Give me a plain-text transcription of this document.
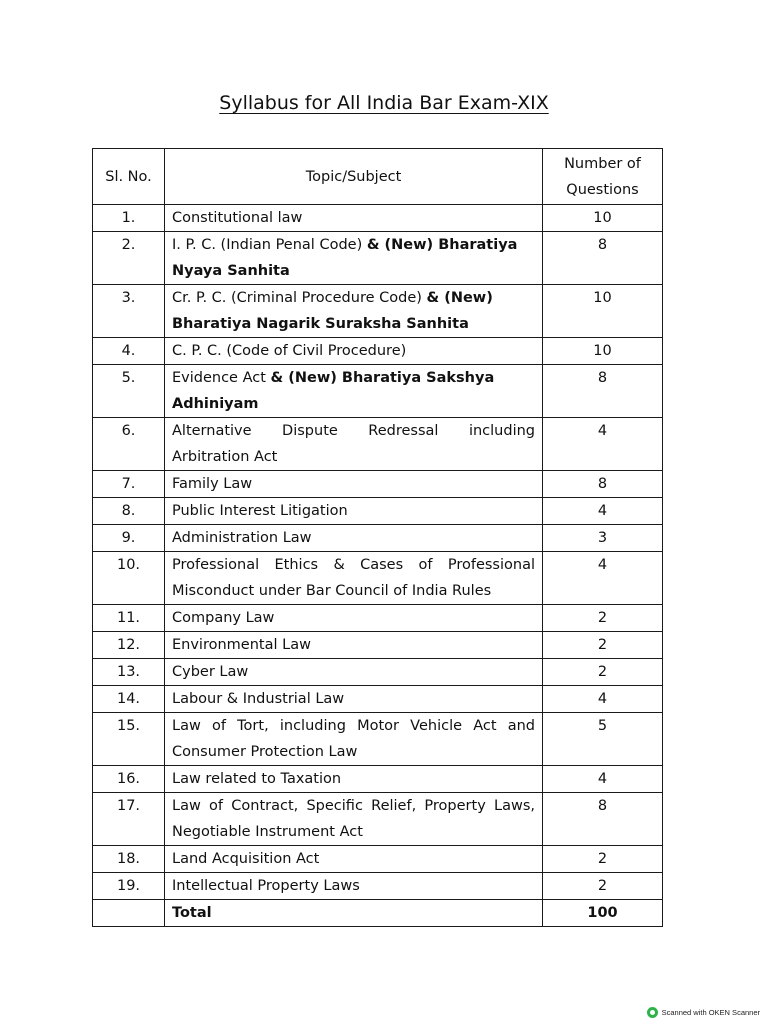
Syllabus for All India Bar Exam-XIX
Sl. No.	Topic/Subject	Number of Questions
1.	Constitutional law	10
2.	I. P. C. (Indian Penal Code) & (New) Bharatiya Nyaya Sanhita	8
3.	Cr. P. C. (Criminal Procedure Code) & (New) Bharatiya Nagarik Suraksha Sanhita	10
4.	C. P. C. (Code of Civil Procedure)	10
5.	Evidence Act & (New) Bharatiya Sakshya Adhiniyam	8
6.	Alternative Dispute Redressal including Arbitration Act	4
7.	Family Law	8
8.	Public Interest Litigation	4
9.	Administration Law	3
10.	Professional Ethics & Cases of Professional Misconduct under Bar Council of India Rules	4
11.	Company Law	2
12.	Environmental Law	2
13.	Cyber Law	2
14.	Labour & Industrial Law	4
15.	Law of Tort, including Motor Vehicle Act and Consumer Protection Law	5
16.	Law related to Taxation	4
17.	Law of Contract, Specific Relief, Property Laws, Negotiable Instrument Act	8
18.	Land Acquisition Act	2
19.	Intellectual Property Laws	2
	Total	100
Scanned with OKEN Scanner
